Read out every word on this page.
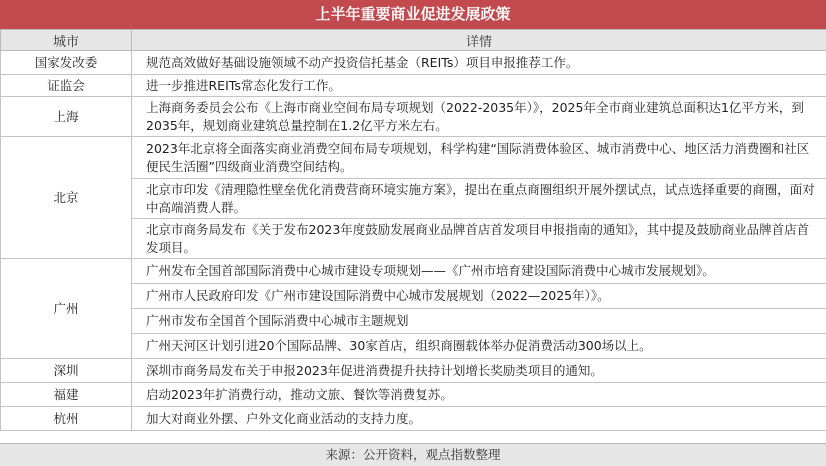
上半年重要商业促进发展政策
城市	详情
国家发改委	规范高效做好基础设施领域不动产投资信托基金（REITs）项目申报推荐工作。
证监会	进一步推进REITs常态化发行工作。
上海	上海商务委员会公布《上海市商业空间布局专项规划（2022-2035年）》，2025年全市商业建筑总面积达1亿平方米，到2035年，规划商业建筑总量控制在1.2亿平方米左右。
北京	2023年北京将全面落实商业消费空间布局专项规划，科学构建“国际消费体验区、城市消费中心、地区活力消费圈和社区便民生活圈”四级商业消费空间结构。
	北京市印发《清理隐性壁垒优化消费营商环境实施方案》，提出在重点商圈组织开展外摆试点，试点选择重要的商圈，面对中高端消费人群。
	北京市商务局发布《关于发布2023年度鼓励发展商业品牌首店首发项目申报指南的通知》，其中提及鼓励商业品牌首店首发项目。
广州	广州发布全国首部国际消费中心城市建设专项规划——《广州市培育建设国际消费中心城市发展规划》。
	广州市人民政府印发《广州市建设国际消费中心城市发展规划（2022—2025年）》。
	广州市发布全国首个国际消费中心城市主题规划
	广州天河区计划引进20个国际品牌、30家首店，组织商圈载体举办促消费活动300场以上。
深圳	深圳市商务局发布关于申报2023年促进消费提升扶持计划增长奖励类项目的通知。
福建	启动2023年扩消费行动，推动文旅、餐饮等消费复苏。
杭州	加大对商业外摆、户外文化商业活动的支持力度。
来源：公开资料，观点指数整理
